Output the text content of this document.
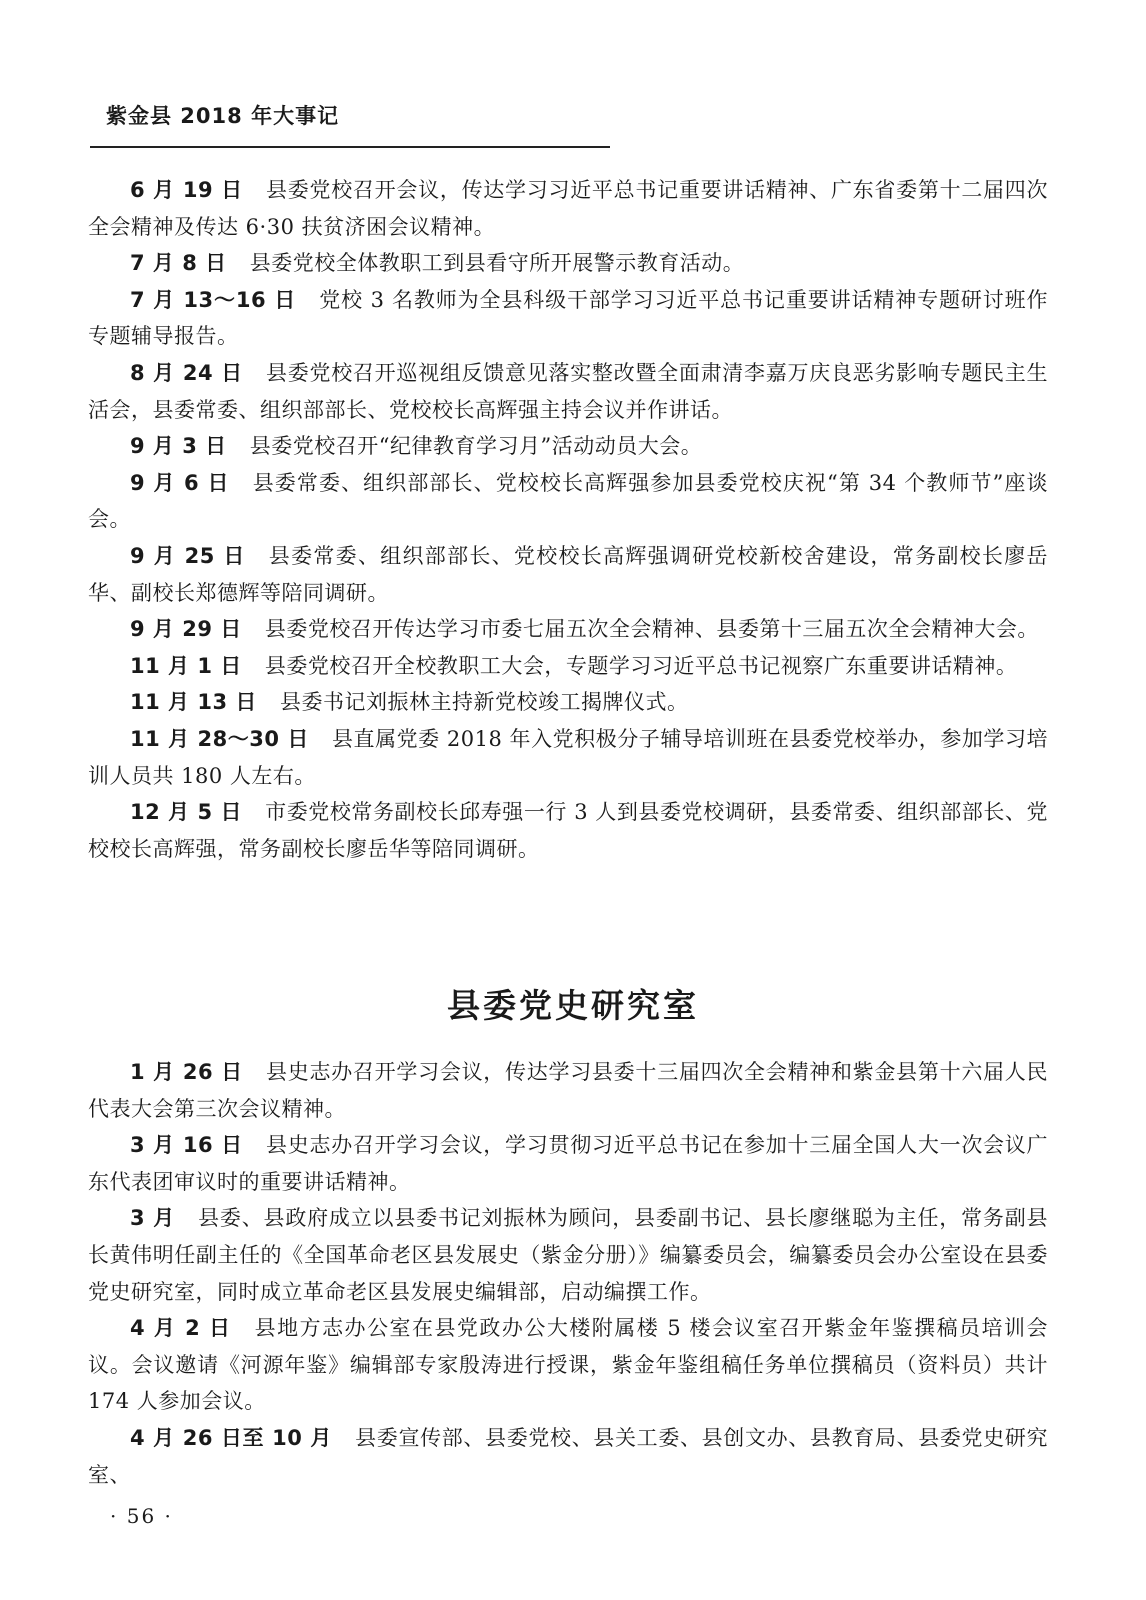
紫金县 2018 年大事记

6 月 19 日 县委党校召开会议，传达学习习近平总书记重要讲话精神、广东省委第十二届四次全会精神及传达 6·30 扶贫济困会议精神。

7 月 8 日 县委党校全体教职工到县看守所开展警示教育活动。

7 月 13～16 日 党校 3 名教师为全县科级干部学习习近平总书记重要讲话精神专题研讨班作专题辅导报告。

8 月 24 日 县委党校召开巡视组反馈意见落实整改暨全面肃清李嘉万庆良恶劣影响专题民主生活会，县委常委、组织部部长、党校校长高辉强主持会议并作讲话。

9 月 3 日 县委党校召开“纪律教育学习月”活动动员大会。

9 月 6 日 县委常委、组织部部长、党校校长高辉强参加县委党校庆祝“第 34 个教师节”座谈会。

9 月 25 日 县委常委、组织部部长、党校校长高辉强调研党校新校舍建设，常务副校长廖岳华、副校长郑德辉等陪同调研。

9 月 29 日 县委党校召开传达学习市委七届五次全会精神、县委第十三届五次全会精神大会。

11 月 1 日 县委党校召开全校教职工大会，专题学习习近平总书记视察广东重要讲话精神。

11 月 13 日 县委书记刘振林主持新党校竣工揭牌仪式。

11 月 28～30 日 县直属党委 2018 年入党积极分子辅导培训班在县委党校举办，参加学习培训人员共 180 人左右。

12 月 5 日 市委党校常务副校长邱寿强一行 3 人到县委党校调研，县委常委、组织部部长、党校校长高辉强，常务副校长廖岳华等陪同调研。

县委党史研究室

1 月 26 日 县史志办召开学习会议，传达学习县委十三届四次全会精神和紫金县第十六届人民代表大会第三次会议精神。

3 月 16 日 县史志办召开学习会议，学习贯彻习近平总书记在参加十三届全国人大一次会议广东代表团审议时的重要讲话精神。

3 月 县委、县政府成立以县委书记刘振林为顾问，县委副书记、县长廖继聪为主任，常务副县长黄伟明任副主任的《全国革命老区县发展史（紫金分册）》编纂委员会，编纂委员会办公室设在县委党史研究室，同时成立革命老区县发展史编辑部，启动编撰工作。

4 月 2 日 县地方志办公室在县党政办公大楼附属楼 5 楼会议室召开紫金年鉴撰稿员培训会议。会议邀请《河源年鉴》编辑部专家殷涛进行授课，紫金年鉴组稿任务单位撰稿员（资料员）共计 174 人参加会议。

4 月 26 日至 10 月 县委宣传部、县委党校、县关工委、县创文办、县教育局、县委党史研究室、

· 56 ·
